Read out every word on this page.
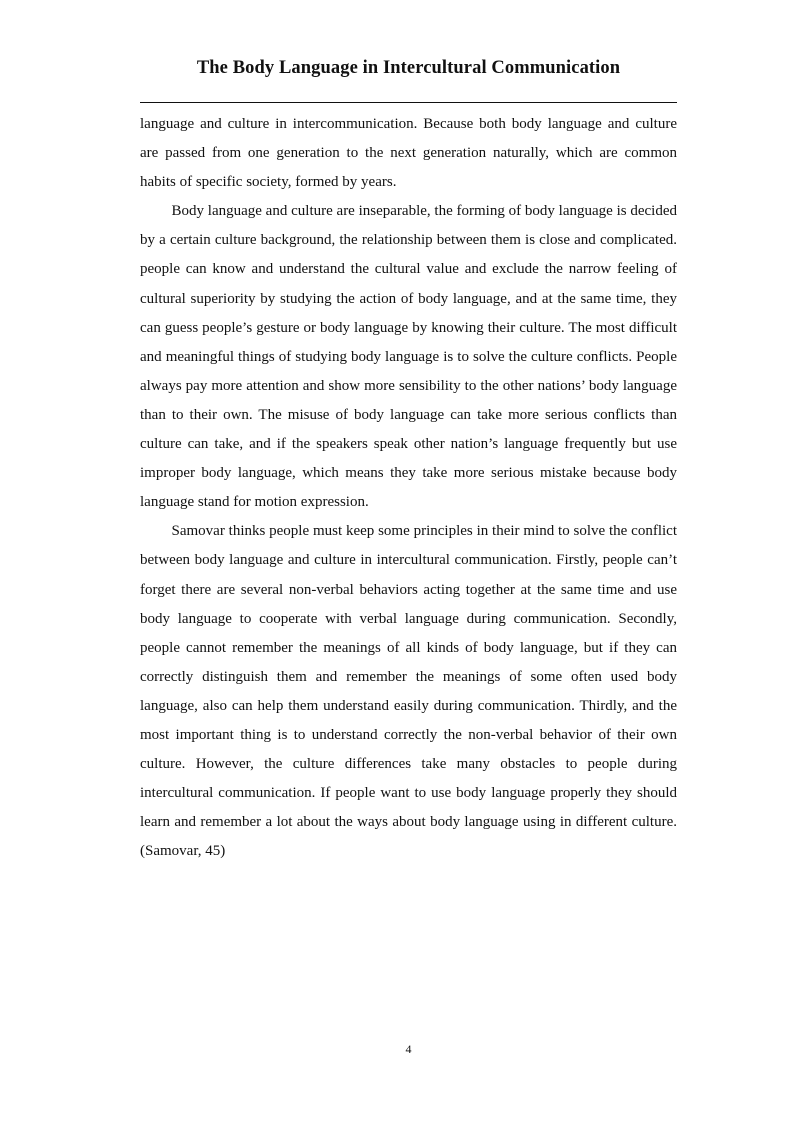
The Body Language in Intercultural Communication

language and culture in intercommunication. Because both body language and culture are passed from one generation to the next generation naturally, which are common habits of specific society, formed by years.

Body language and culture are inseparable, the forming of body language is decided by a certain culture background, the relationship between them is close and complicated. people can know and understand the cultural value and exclude the narrow feeling of cultural superiority by studying the action of body language, and at the same time, they can guess people’s gesture or body language by knowing their culture. The most difficult and meaningful things of studying body language is to solve the culture conflicts. People always pay more attention and show more sensibility to the other nations’ body language than to their own. The misuse of body language can take more serious conflicts than culture can take, and if the speakers speak other nation’s language frequently but use improper body language, which means they take more serious mistake because body language stand for motion expression.

Samovar thinks people must keep some principles in their mind to solve the conflict between body language and culture in intercultural communication. Firstly, people can’t forget there are several non-verbal behaviors acting together at the same time and use body language to cooperate with verbal language during communication. Secondly, people cannot remember the meanings of all kinds of body language, but if they can correctly distinguish them and remember the meanings of some often used body language, also can help them understand easily during communication. Thirdly, and the most important thing is to understand correctly the non-verbal behavior of their own culture. However, the culture differences take many obstacles to people during intercultural communication. If people want to use body language properly they should learn and remember a lot about the ways about body language using in different culture. (Samovar, 45)

4
